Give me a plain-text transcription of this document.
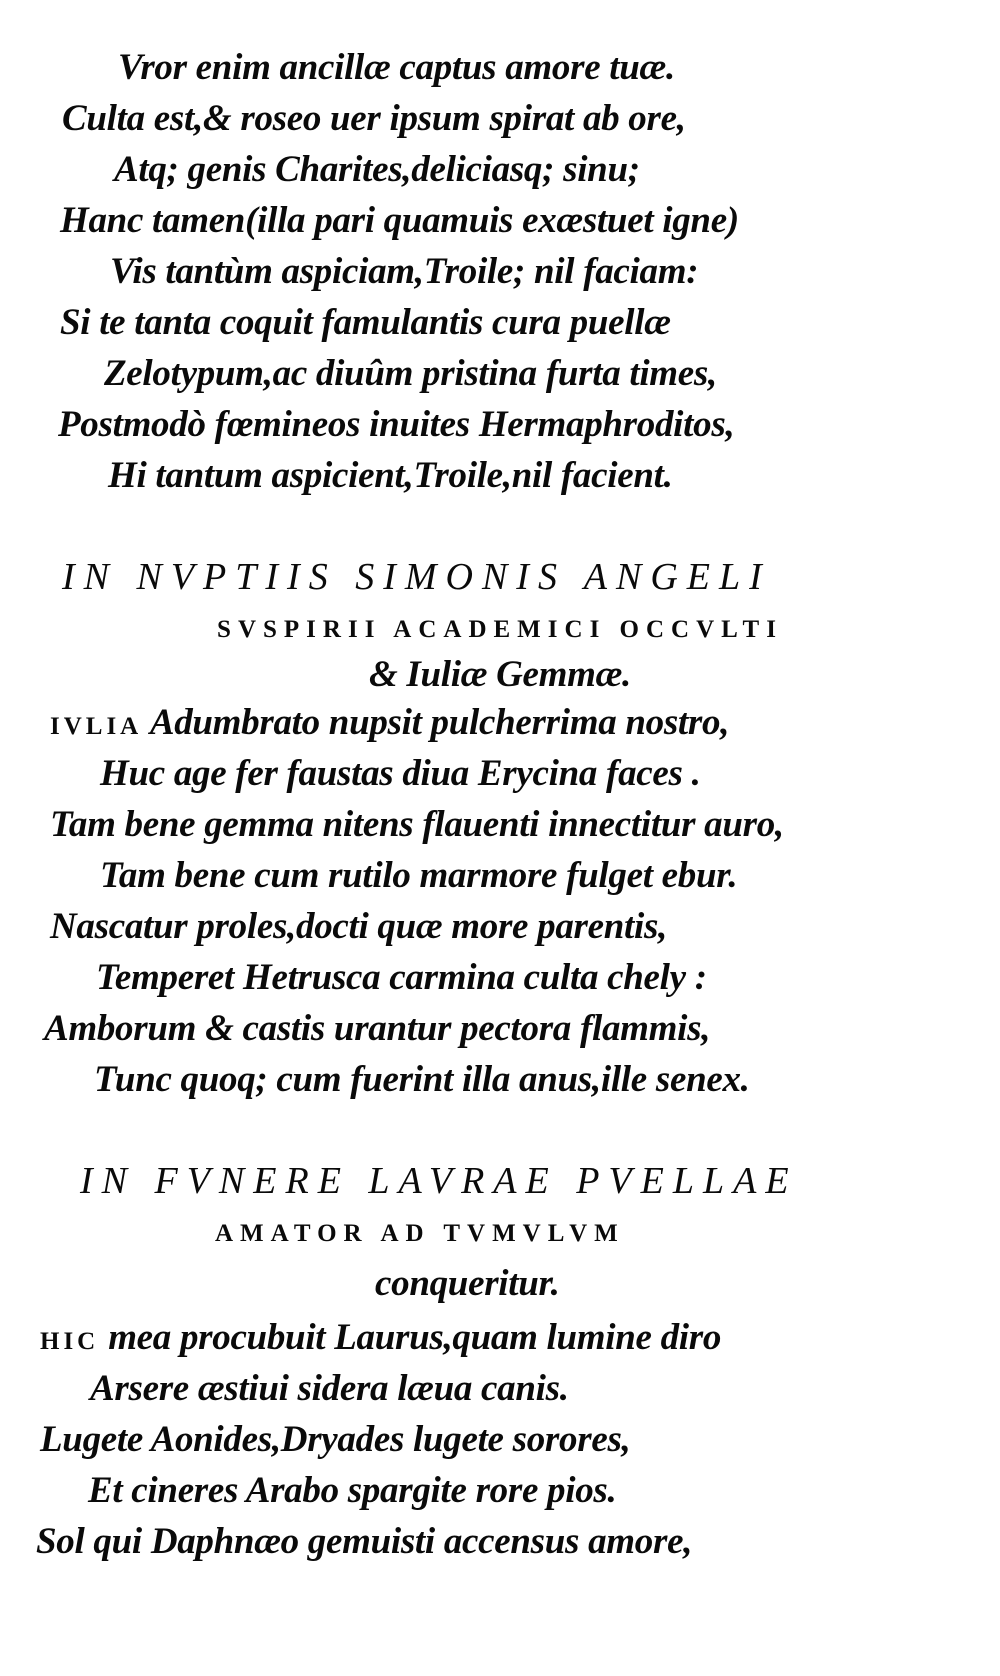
Vror enim ancillæ captus amore tuæ.
Culta est,& roseo uer ipsum spirat ab ore,
Atq; genis Charites,deliciasq; sinu;
Hanc tamen(illa pari quamuis exæstuet igne)
Vis tantùm aspiciam,Troile; nil faciam:
Si te tanta coquit famulantis cura puellæ
Zelotypum,ac diuûm pristina furta times,
Postmodò fœmineos inuites Hermaphroditos,
Hi tantum aspicient,Troile,nil facient.
IN NVPTIIS SIMONIS ANGELI
SVSPIRII ACADEMICI OCCVLTI
& Iuliæ Gemmæ.
IVLIA Adumbrato nupsit pulcherrima nostro,
Huc age fer faustas diua Erycina faces .
Tam bene gemma nitens flauenti innectitur auro,
Tam bene cum rutilo marmore fulget ebur.
Nascatur proles,docti quæ more parentis,
Temperet Hetrusca carmina culta chely :
Amborum & castis urantur pectora flammis,
Tunc quoq; cum fuerint illa anus,ille senex.
IN FVNERE LAVRAE PVELLAE
AMATOR AD TVMVLVM
conqueritur.
HIC mea procubuit Laurus,quam lumine diro
Arsere æstiui sidera læua canis.
Lugete Aonides,Dryades lugete sorores,
Et cineres Arabo spargite rore pios.
Sol qui Daphnæo gemuisti accensus amore,
